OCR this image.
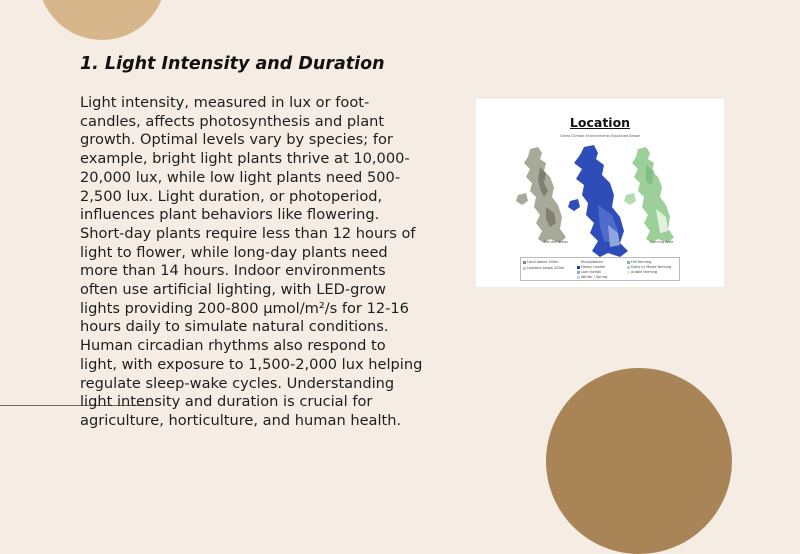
1. Light Intensity and Duration

Light intensity, measured in lux or foot-candles, affects photosynthesis and plant growth. Optimal levels vary by species; for example, bright light plants thrive at 10,000-20,000 lux, while low light plants need 500-2,500 lux. Light duration, or photoperiod, influences plant behaviors like flowering. Short-day plants require less than 12 hours of light to flower, while long-day plants need more than 14 hours. Indoor environments often use artificial lighting, with LED-grow lights providing 200-800 µmol/m²/s for 12-16 hours daily to simulate natural conditions. Human circadian rhythms also respond to light, with exposure to 1,500-2,000 lux helping regulate sleep-wake cycles. Understanding light intensity and duration is crucial for agriculture, horticulture, and human health.

Location
Great Climate Environments Explained Below
Rainfall Areas	Farming Area
Land above 200m
Lowland below 200m
Precipitation
Heavy rainfall
Low rainfall
Winter / Spring
Hill farming
Dairy or Mixed farming
Arable farming
